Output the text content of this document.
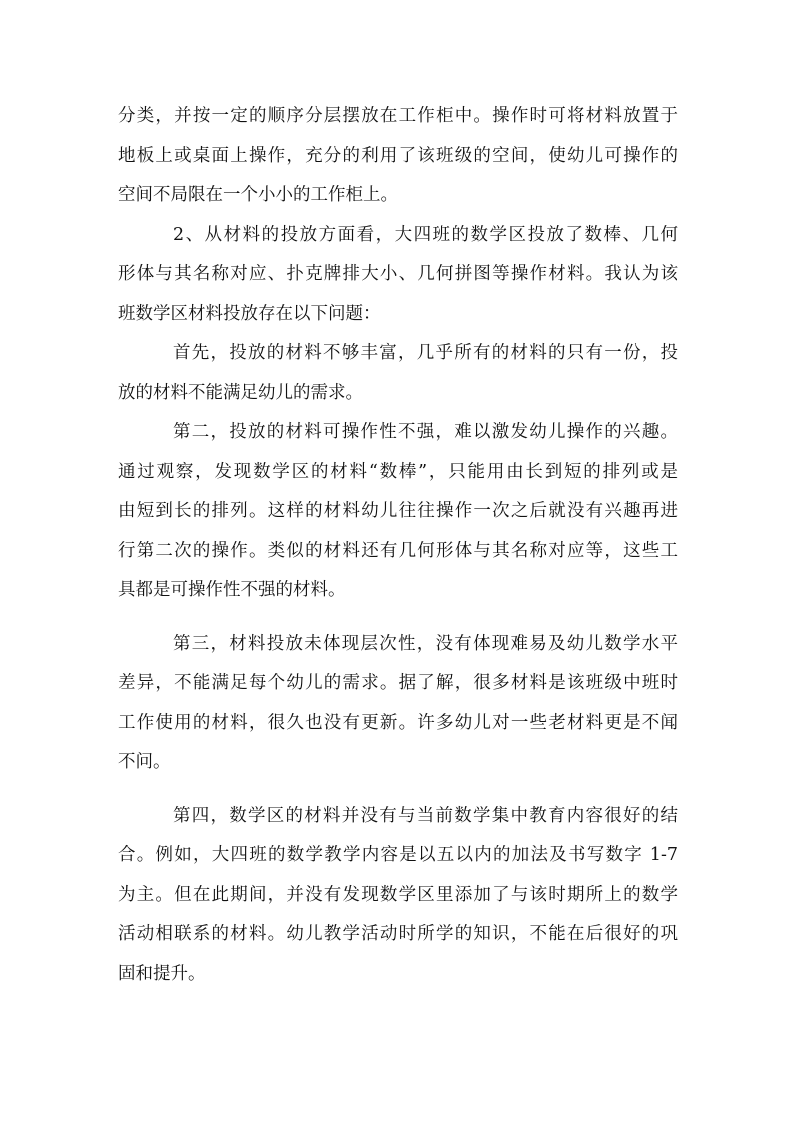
分类，并按一定的顺序分层摆放在工作柜中。操作时可将材料放置于
地板上或桌面上操作，充分的利用了该班级的空间，使幼儿可操作的
空间不局限在一个小小的工作柜上。
2、从材料的投放方面看，大四班的数学区投放了数棒、几何
形体与其名称对应、扑克牌排大小、几何拼图等操作材料。我认为该
班数学区材料投放存在以下问题：
首先，投放的材料不够丰富，几乎所有的材料的只有一份，投
放的材料不能满足幼儿的需求。
第二，投放的材料可操作性不强，难以激发幼儿操作的兴趣。
通过观察，发现数学区的材料“数棒”，只能用由长到短的排列或是
由短到长的排列。这样的材料幼儿往往操作一次之后就没有兴趣再进
行第二次的操作。类似的材料还有几何形体与其名称对应等，这些工
具都是可操作性不强的材料。
第三，材料投放未体现层次性，没有体现难易及幼儿数学水平
差异，不能满足每个幼儿的需求。据了解，很多材料是该班级中班时
工作使用的材料，很久也没有更新。许多幼儿对一些老材料更是不闻
不问。
第四，数学区的材料并没有与当前数学集中教育内容很好的结
合。例如，大四班的数学教学内容是以五以内的加法及书写数字 1-7
为主。但在此期间，并没有发现数学区里添加了与该时期所上的数学
活动相联系的材料。幼儿教学活动时所学的知识，不能在后很好的巩
固和提升。
